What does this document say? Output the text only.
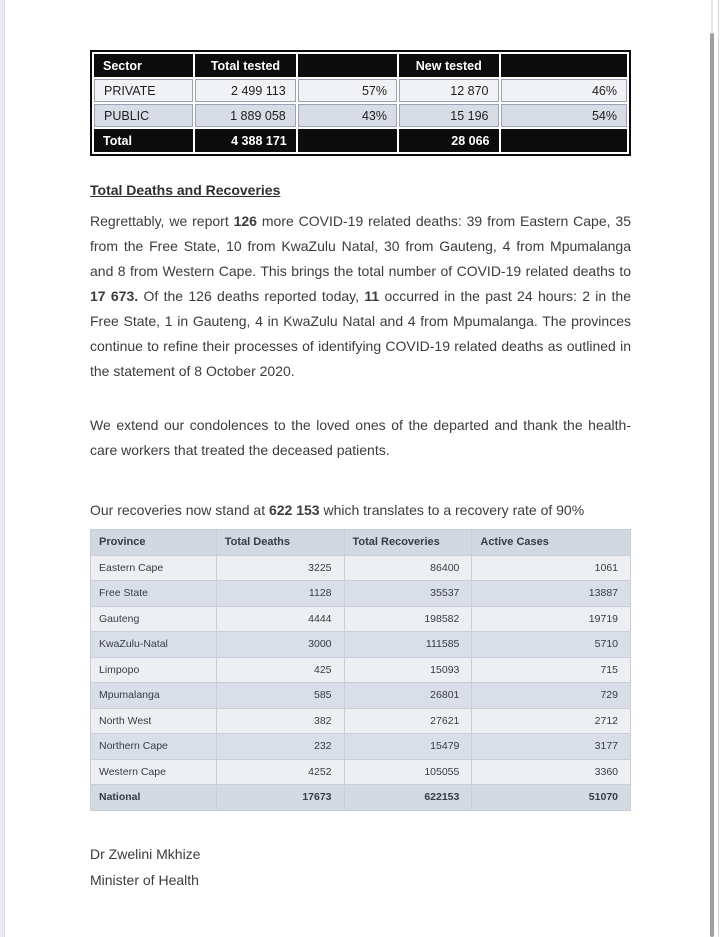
Sector	Total tested		New tested	
PRIVATE	2 499 113	57%	12 870	46%
PUBLIC	1 889 058	43%	15 196	54%
Total	4 388 171		28 066	
Total Deaths and Recoveries
Regrettably, we report 126 more COVID-19 related deaths: 39 from Eastern Cape, 35 from the Free State, 10 from KwaZulu Natal, 30 from Gauteng, 4 from Mpumalanga and 8 from Western Cape. This brings the total number of COVID-19 related deaths to 17 673. Of the 126 deaths reported today, 11 occurred in the past 24 hours: 2 in the Free State, 1 in Gauteng, 4 in KwaZulu Natal and 4 from Mpumalanga. The provinces continue to refine their processes of identifying COVID-19 related deaths as outlined in the statement of 8 October 2020.
We extend our condolences to the loved ones of the departed and thank the health-care workers that treated the deceased patients.
Our recoveries now stand at 622 153 which translates to a recovery rate of 90%
Province	Total Deaths	Total Recoveries	Active Cases
Eastern Cape	3225	86400	1061
Free State	1128	35537	13887
Gauteng	4444	198582	19719
KwaZulu-Natal	3000	111585	5710
Limpopo	425	15093	715
Mpumalanga	585	26801	729
North West	382	27621	2712
Northern Cape	232	15479	3177
Western Cape	4252	105055	3360
National	17673	622153	51070
Dr Zwelini Mkhize
Minister of Health
